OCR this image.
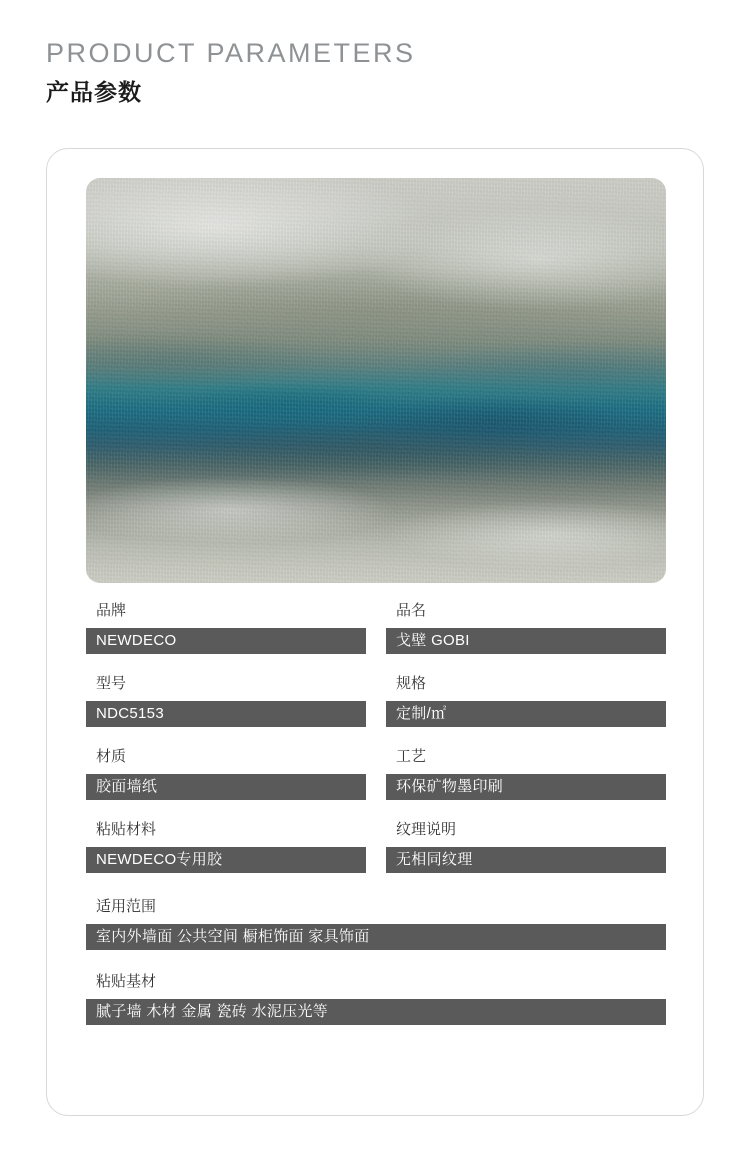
PRODUCT PARAMETERS
产品参数
品牌
NEWDECO
品名
戈壁 GOBI
型号
NDC5153
规格
定制/㎡
材质
胶面墙纸
工艺
环保矿物墨印刷
粘贴材料
NEWDECO专用胶
纹理说明
无相同纹理
适用范围
室内外墙面 公共空间 橱柜饰面 家具饰面
粘贴基材
腻子墙 木材 金属 瓷砖 水泥压光等
